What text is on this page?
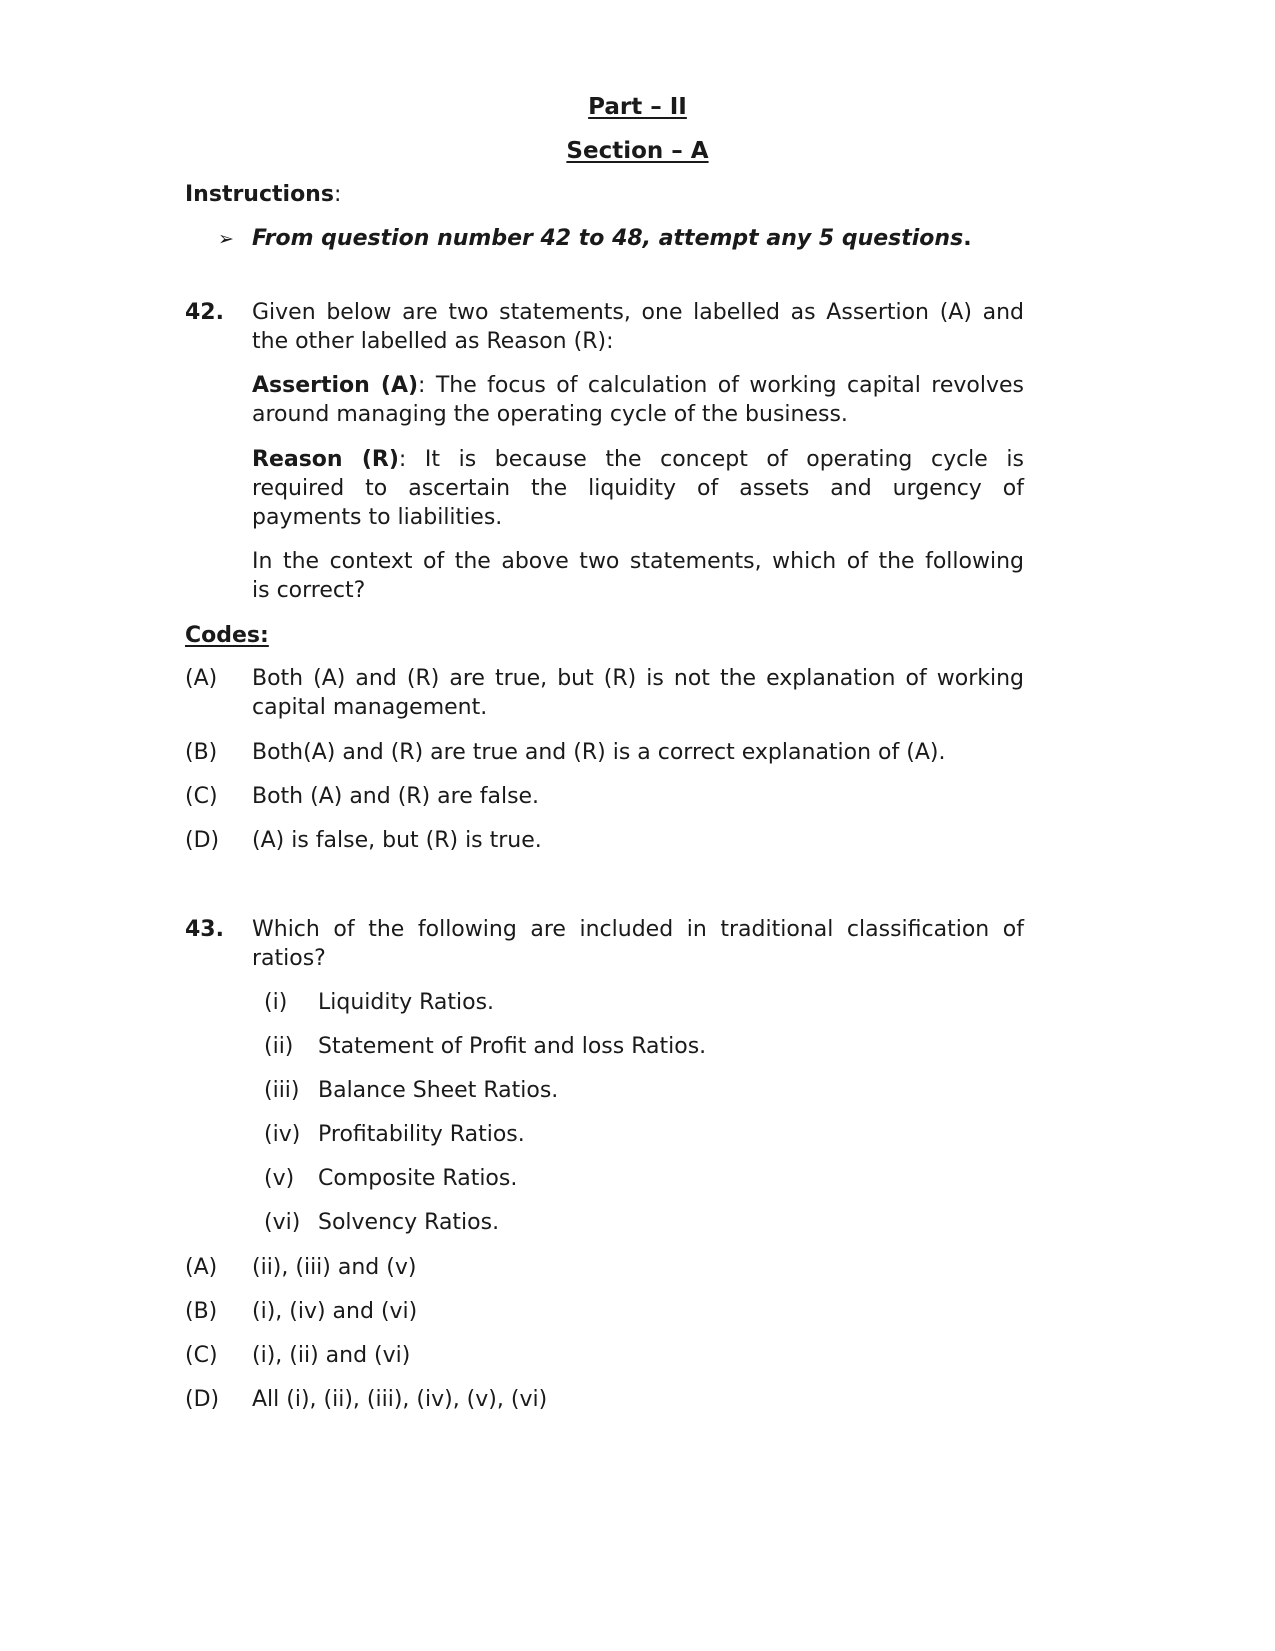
Part – II
Section – A
Instructions:
➢ From question number 42 to 48, attempt any 5 questions.
42. Given below are two statements, one labelled as Assertion (A) and
the other labelled as Reason (R):
Assertion (A): The focus of calculation of working capital revolves
around managing the operating cycle of the business.
Reason (R): It is because the concept of operating cycle is
required to ascertain the liquidity of assets and urgency of
payments to liabilities.
In the context of the above two statements, which of the following
is correct?
Codes:
(A) Both (A) and (R) are true, but (R) is not the explanation of working
capital management.
(B) Both(A) and (R) are true and (R) is a correct explanation of (A).
(C) Both (A) and (R) are false.
(D) (A) is false, but (R) is true.
43. Which of the following are included in traditional classification of
ratios?
(i) Liquidity Ratios.
(ii) Statement of Profit and loss Ratios.
(iii) Balance Sheet Ratios.
(iv) Profitability Ratios.
(v) Composite Ratios.
(vi) Solvency Ratios.
(A) (ii), (iii) and (v)
(B) (i), (iv) and (vi)
(C) (i), (ii) and (vi)
(D) All (i), (ii), (iii), (iv), (v), (vi)
